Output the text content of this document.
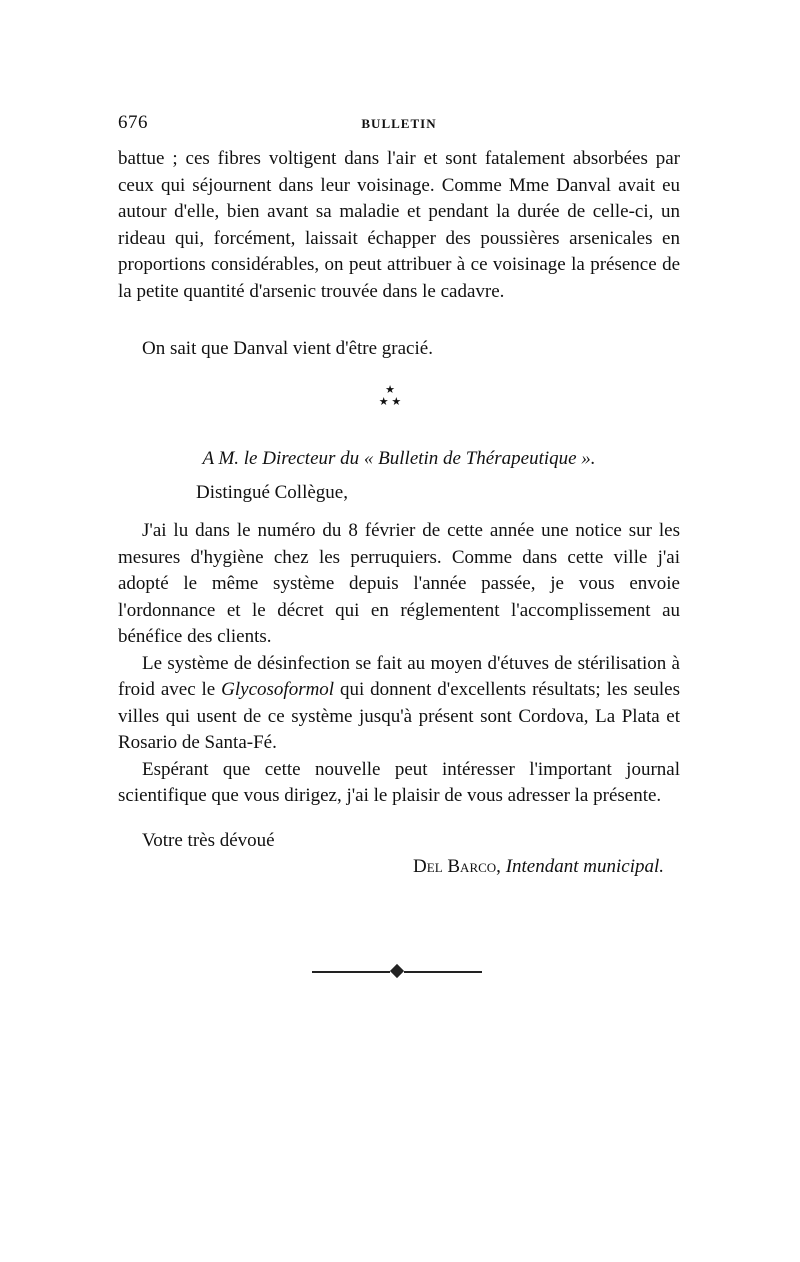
676	BULLETIN

battue ; ces fibres voltigent dans l'air et sont fatalement absorbées par ceux qui séjournent dans leur voisinage. Comme Mme Danval avait eu autour d'elle, bien avant sa maladie et pendant la durée de celle-ci, un rideau qui, forcément, laissait échapper des poussières arsenicales en proportions considérables, on peut attribuer à ce voisinage la présence de la petite quantité d'arsenic trouvée dans le cadavre.

On sait que Danval vient d'être gracié.

★
★ ★
A M. le Directeur du « Bulletin de Thérapeutique ».
Distingué Collègue,

J'ai lu dans le numéro du 8 février de cette année une notice sur les mesures d'hygiène chez les perruquiers. Comme dans cette ville j'ai adopté le même système depuis l'année passée, je vous envoie l'ordonnance et le décret qui en réglementent l'accomplissement au bénéfice des clients.

Le système de désinfection se fait au moyen d'étuves de stérilisation à froid avec le Glycosoformol qui donnent d'excellents résultats; les seules villes qui usent de ce système jusqu'à présent sont Cordova, La Plata et Rosario de Santa-Fé.

Espérant que cette nouvelle peut intéresser l'important journal scientifique que vous dirigez, j'ai le plaisir de vous adresser la présente.

Votre très dévoué
Del Barco, Intendant municipal.
